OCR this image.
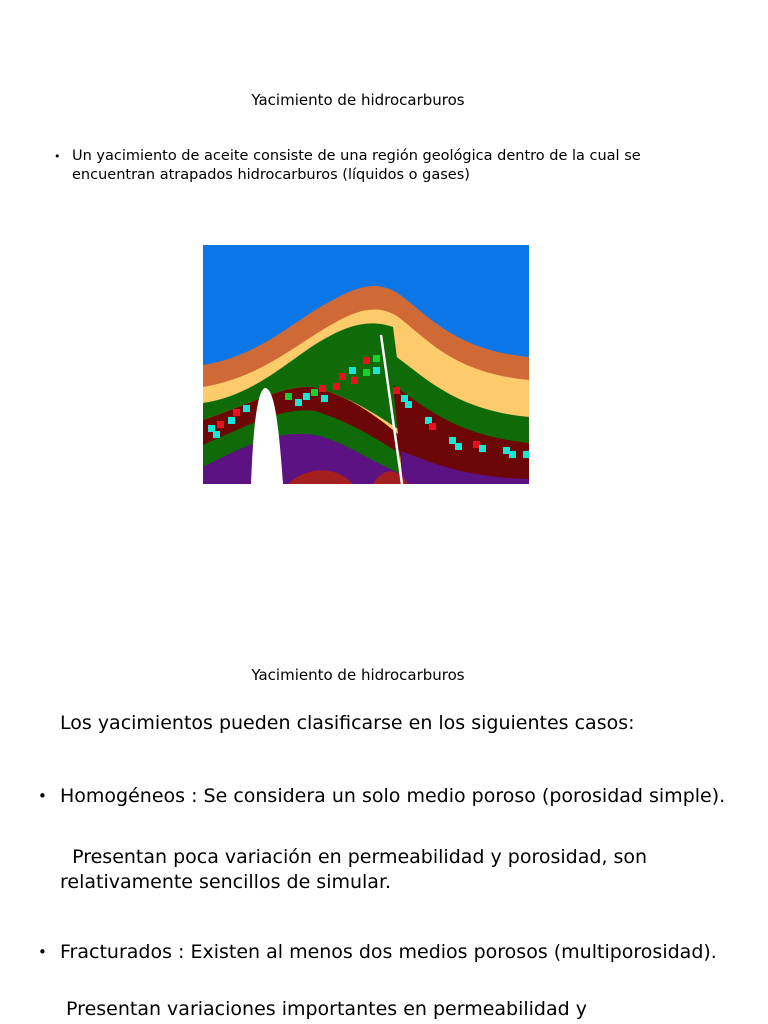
Yacimiento de hidrocarburos
• Un yacimiento de aceite consiste de una región geológica dentro de la cual se encuentran atrapados hidrocarburos (líquidos o gases)
Yacimiento de hidrocarburos
Los yacimientos pueden clasificarse en los siguientes casos:
• Homogéneos : Se considera un solo medio poroso (porosidad simple).
Presentan poca variación en permeabilidad y porosidad, son relativamente sencillos de simular.
• Fracturados : Existen al menos dos medios porosos (multiporosidad).
Presentan variaciones importantes en permeabilidad y
